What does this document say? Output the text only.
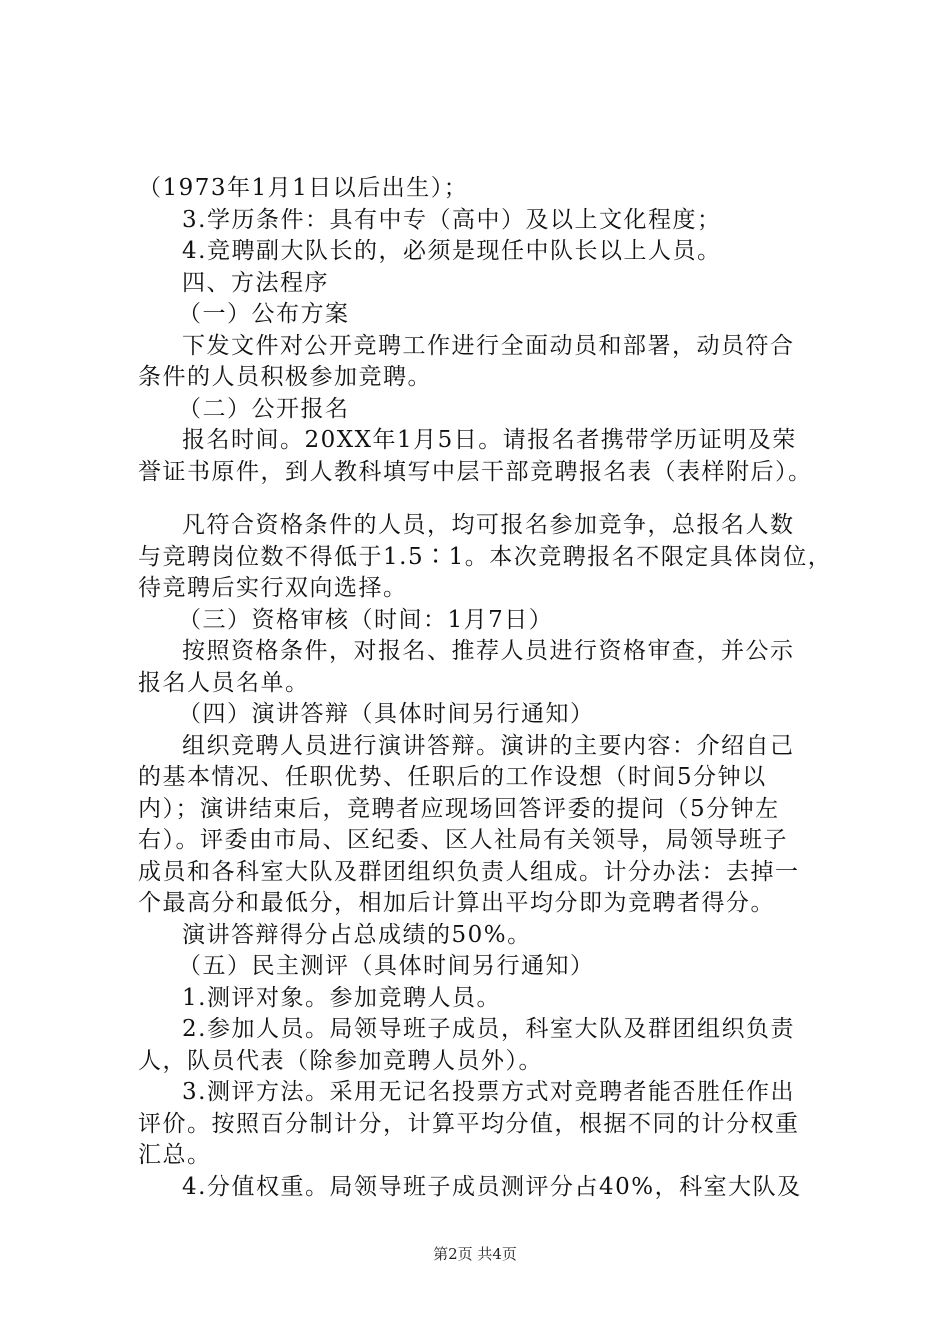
（1973年1月1日以后出生）；
3.学历条件：具有中专（高中）及以上文化程度；
4.竞聘副大队长的，必须是现任中队长以上人员。
四、方法程序
（一）公布方案
下发文件对公开竞聘工作进行全面动员和部署，动员符合
条件的人员积极参加竞聘。
（二）公开报名
报名时间。20XX年1月5日。请报名者携带学历证明及荣
誉证书原件，到人教科填写中层干部竞聘报名表（表样附后）。
凡符合资格条件的人员，均可报名参加竞争，总报名人数
与竞聘岗位数不得低于1.5∶1。本次竞聘报名不限定具体岗位，
待竞聘后实行双向选择。
（三）资格审核（时间：1月7日）
按照资格条件，对报名、推荐人员进行资格审查，并公示
报名人员名单。
（四）演讲答辩（具体时间另行通知）
组织竞聘人员进行演讲答辩。演讲的主要内容：介绍自己
的基本情况、任职优势、任职后的工作设想（时间5分钟以
内）；演讲结束后，竞聘者应现场回答评委的提问（5分钟左
右）。评委由市局、区纪委、区人社局有关领导，局领导班子
成员和各科室大队及群团组织负责人组成。计分办法：去掉一
个最高分和最低分，相加后计算出平均分即为竞聘者得分。
演讲答辩得分占总成绩的50%。
（五）民主测评（具体时间另行通知）
1.测评对象。参加竞聘人员。
2.参加人员。局领导班子成员，科室大队及群团组织负责
人，队员代表（除参加竞聘人员外）。
3.测评方法。采用无记名投票方式对竞聘者能否胜任作出
评价。按照百分制计分，计算平均分值，根据不同的计分权重
汇总。
4.分值权重。局领导班子成员测评分占40%，科室大队及
第2页 共4页
